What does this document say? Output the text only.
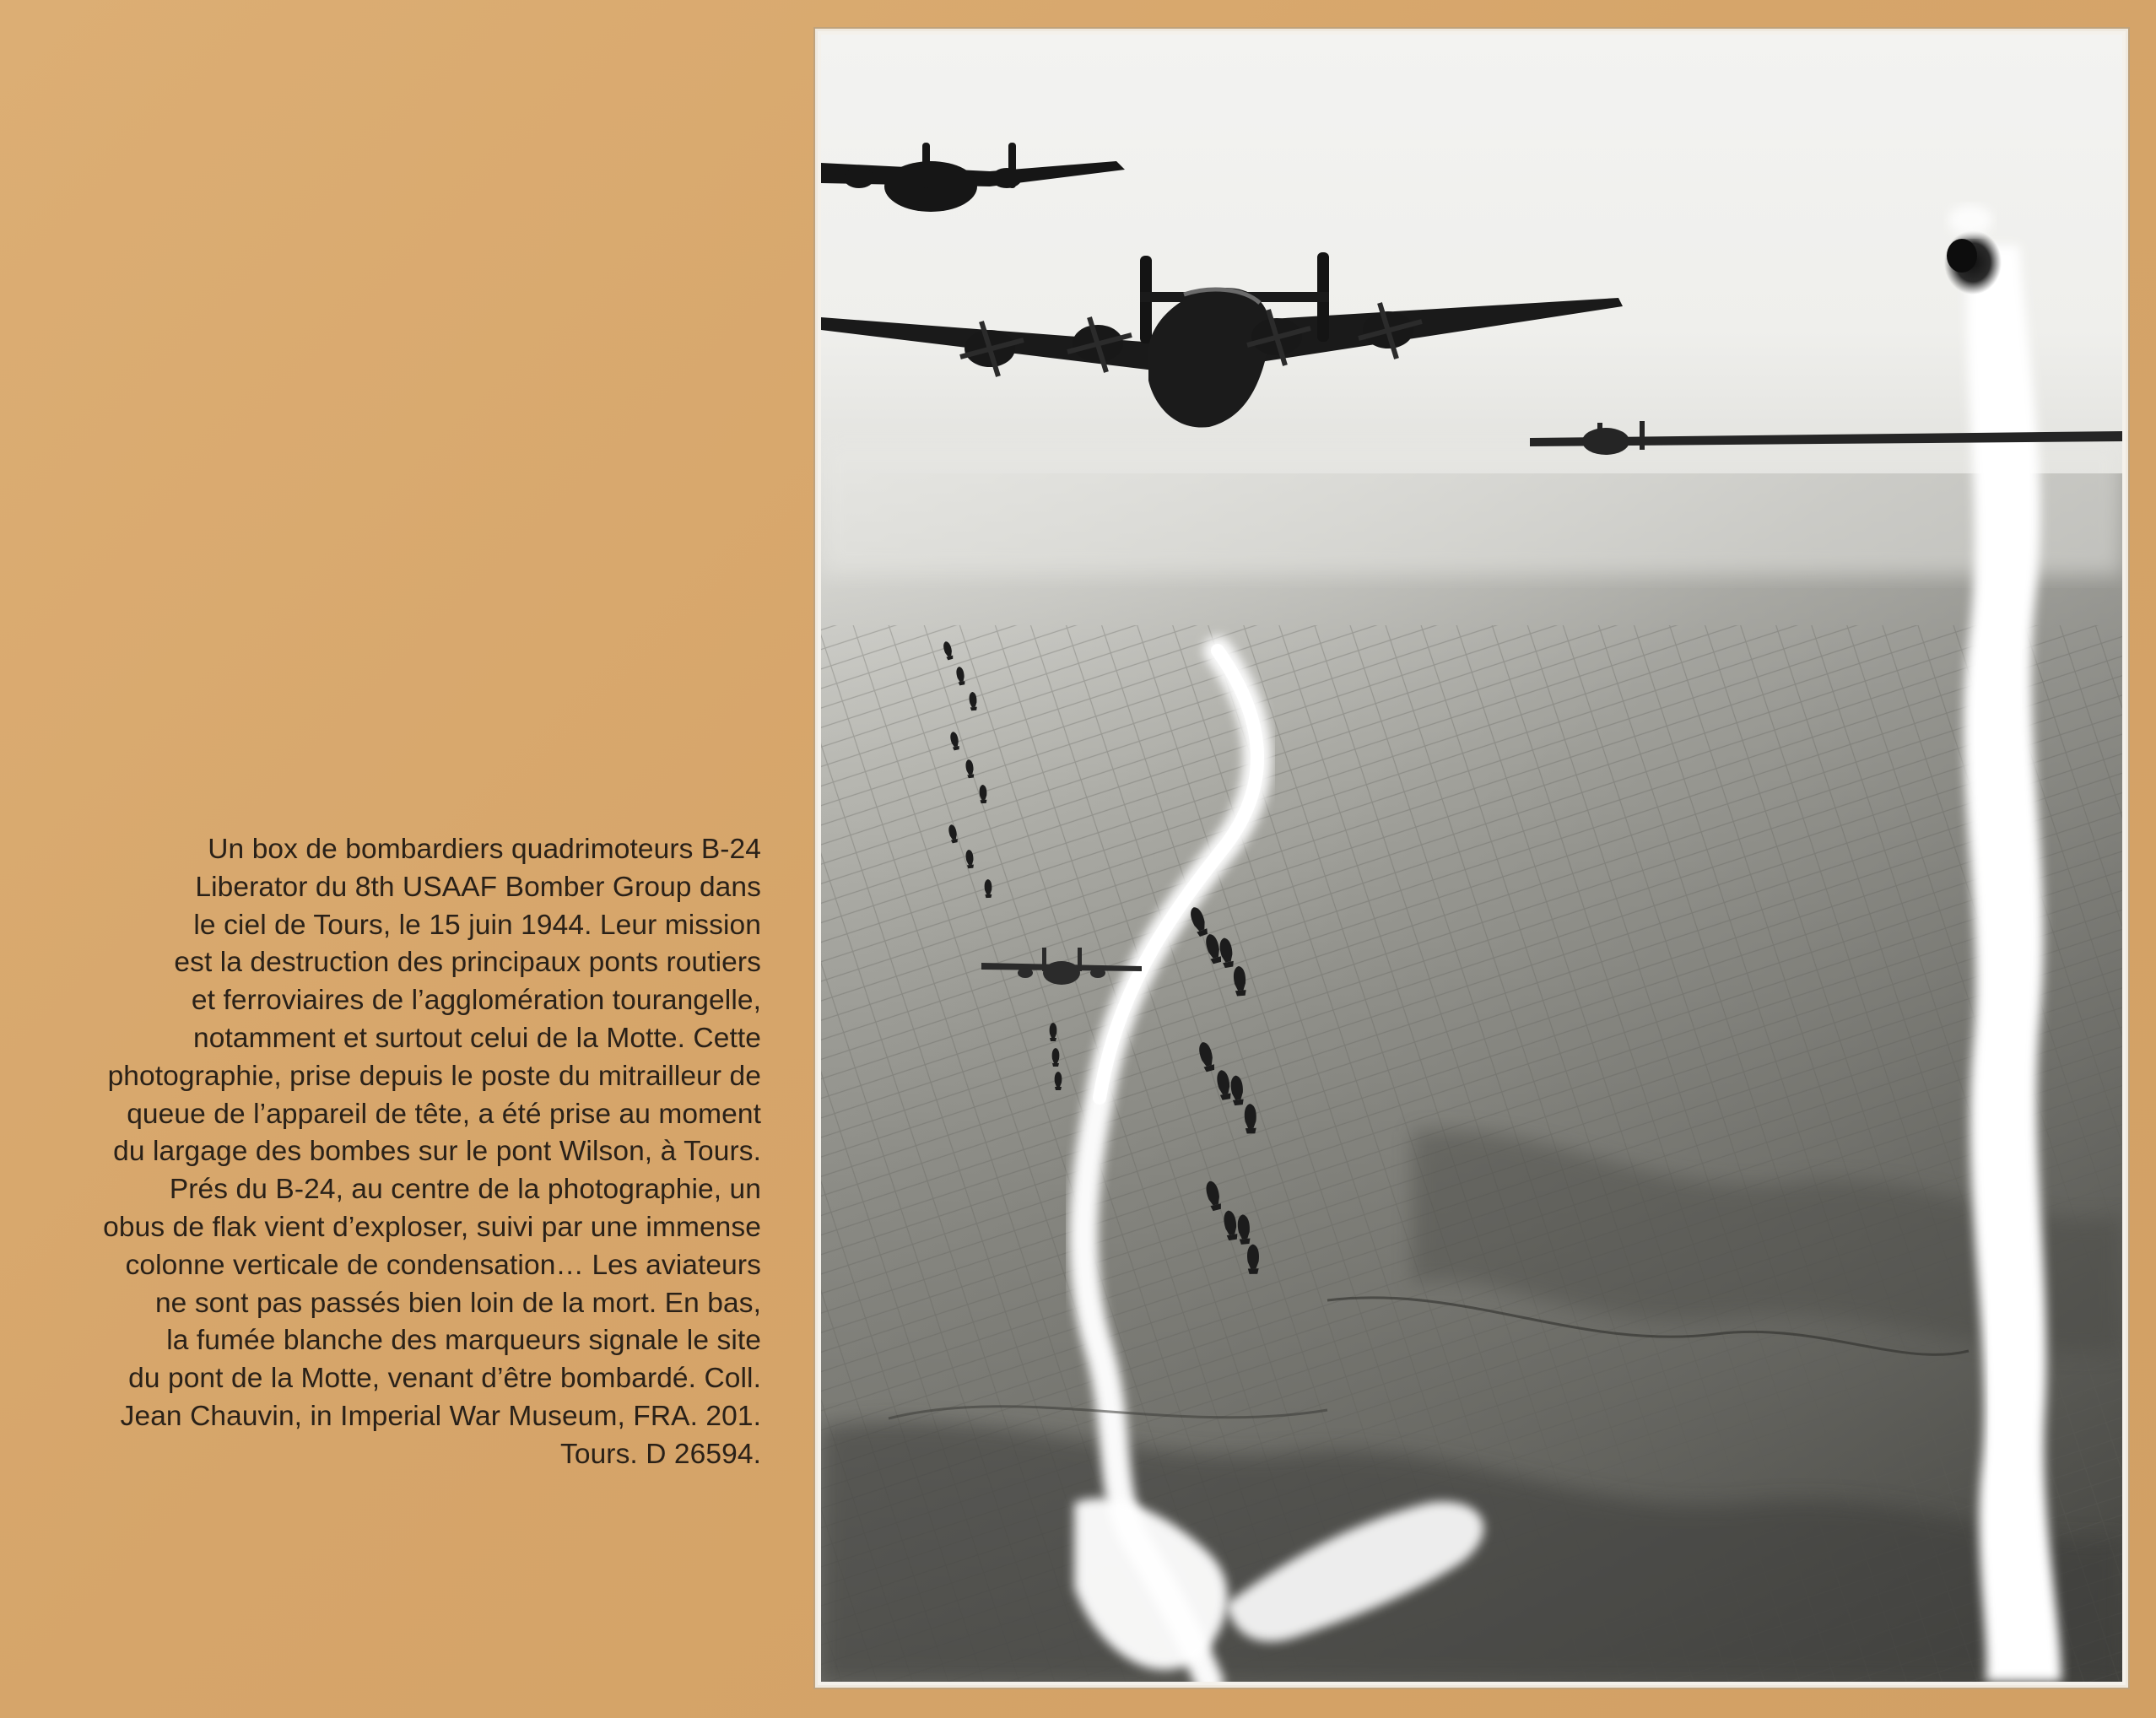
Un box de bombardiers quadrimoteurs B-24
Liberator du 8th USAAF Bomber Group dans
le ciel de Tours, le 15 juin 1944. Leur mission
est la destruction des principaux ponts routiers
et ferroviaires de l’agglomération tourangelle,
notamment et surtout celui de la Motte. Cette
photographie, prise depuis le poste du mitrailleur de
queue de l’appareil de tête, a été prise au moment
du largage des bombes sur le pont Wilson, à Tours.
Prés du B-24, au centre de la photographie, un
obus de flak vient d’exploser, suivi par une immense
colonne verticale de condensation… Les aviateurs
ne sont pas passés bien loin de la mort. En bas,
la fumée blanche des marqueurs signale le site
du pont de la Motte, venant d’être bombardé. Coll.
Jean Chauvin, in Imperial War Museum, FRA. 201.
Tours. D 26594.
